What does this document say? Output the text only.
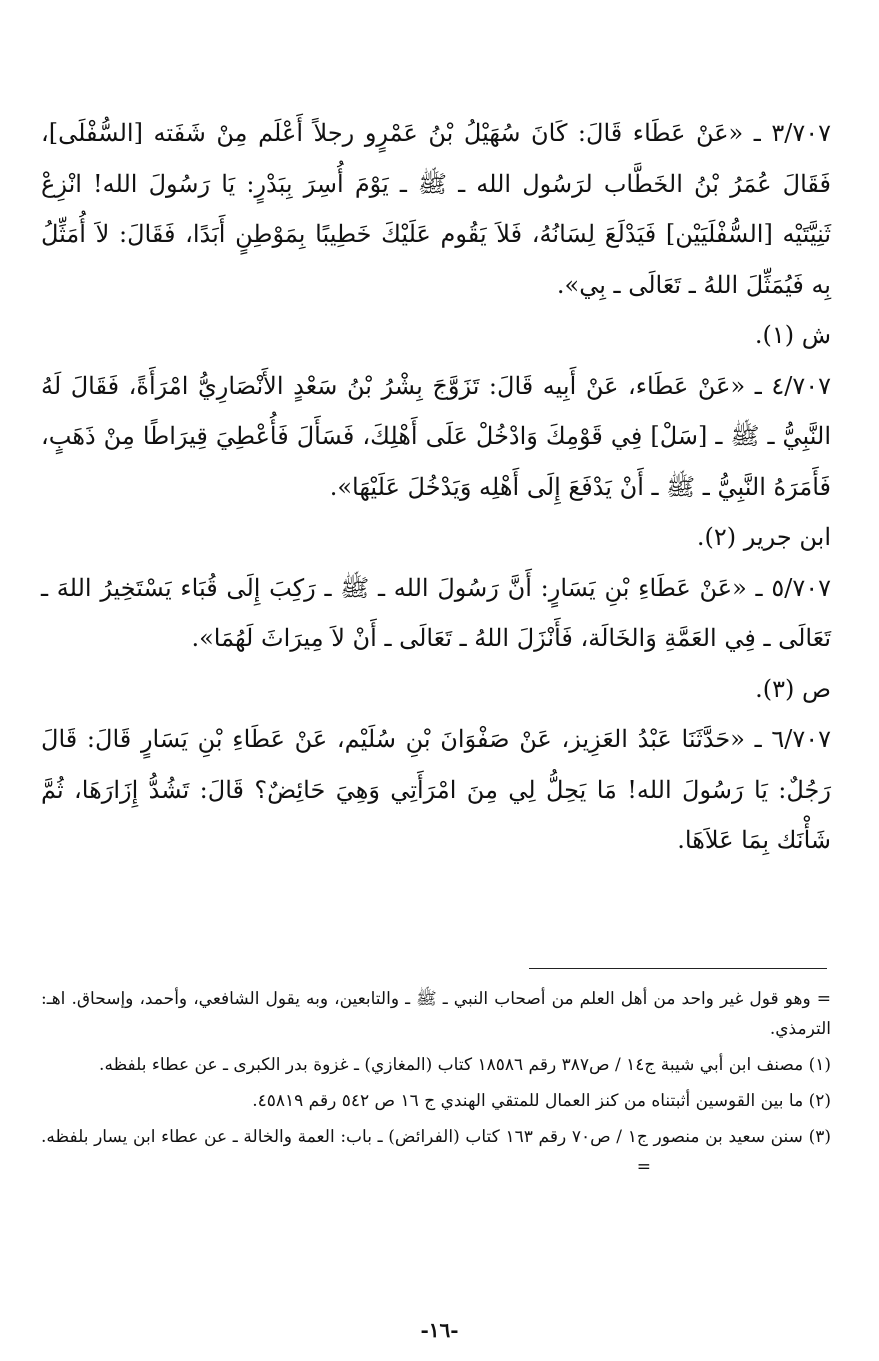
٣/٧٠٧ ـ «عَنْ عَطَاء قَالَ: كَانَ سُهَيْلُ بْنُ عَمْرٍو رجلاً أَعْلَم مِنْ شَفَته [السُّفْلَى]، فَقَالَ عُمَرُ بْنُ الخَطَّاب لرَسُول الله ـ ﷺ ـ يَوْمَ أُسِرَ بِبَدْرٍ: يَا رَسُولَ الله! انْزِعْ ثَنِيَّتَيْه [السُّفْلَيَيْن] فَيَدْلَعَ لِسَانُهُ، فَلاَ يَقُوم عَلَيْكَ خَطِيبًا بِمَوْطِنٍ أَبَدًا، فَقَالَ: لاَ أُمَثِّلُ بِه فَيُمَثِّلَ اللهُ ـ تَعَالَى ـ بِي».

ش (١).

٤/٧٠٧ ـ «عَنْ عَطَاء، عَنْ أَبِيه قَالَ: تَزَوَّجَ بِشْرُ بْنُ سَعْدٍ الأَنْصَارِيُّ امْرَأَةً، فَقَالَ لَهُ النَّبِيُّ ـ ﷺ ـ [سَلْ] فِي قَوْمِكَ وَادْخُلْ عَلَى أَهْلِكَ، فَسَأَلَ فَأُعْطِيَ قِيرَاطًا مِنْ ذَهَبٍ، فَأَمَرَهُ النَّبِيُّ ـ ﷺ ـ أَنْ يَدْفَعَ إِلَى أَهْلِه وَيَدْخُلَ عَلَيْهَا».

ابن جرير (٢).

٥/٧٠٧ ـ «عَنْ عَطَاءِ بْنِ يَسَارٍ: أَنَّ رَسُولَ الله ـ ﷺ ـ رَكِبَ إِلَى قُبَاء يَسْتَخِيرُ اللهَ ـ تَعَالَى ـ فِي العَمَّةِ وَالخَالَة، فَأَنْزَلَ اللهُ ـ تَعَالَى ـ أَنْ لاَ مِيرَاثَ لَهُمَا».

ص (٣).

٦/٧٠٧ ـ «حَدَّثَنَا عَبْدُ العَزِيز، عَنْ صَفْوَانَ بْنِ سُلَيْم، عَنْ عَطَاءِ بْنِ يَسَارٍ قَالَ: قَالَ رَجُلٌ: يَا رَسُولَ الله! مَا يَحِلُّ لِي مِنَ امْرَأَتِي وَهِيَ حَائِضٌ؟ قَالَ: تَشُدُّ إِزَارَهَا، ثُمَّ شَأْنَك بِمَا عَلاَهَا.

= وهو قول غير واحد من أهل العلم من أصحاب النبي ـ ﷺ ـ والتابعين، وبه يقول الشافعي، وأحمد، وإسحاق. اهـ: الترمذي.

(١) مصنف ابن أبي شيبة ج١٤ / ص٣٨٧ رقم ١٨٥٨٦ كتاب (المغازي) ـ غزوة بدر الكبرى ـ عن عطاء بلفظه.

(٢) ما بين القوسين أثبتناه من كنز العمال للمتقي الهندي ج ١٦ ص ٥٤٢ رقم ٤٥٨١٩.

(٣) سنن سعيد بن منصور ج١ / ص٧٠ رقم ١٦٣ كتاب (الفرائض) ـ باب: العمة والخالة ـ عن عطاء ابن يسار بلفظه.=

-١٦-
